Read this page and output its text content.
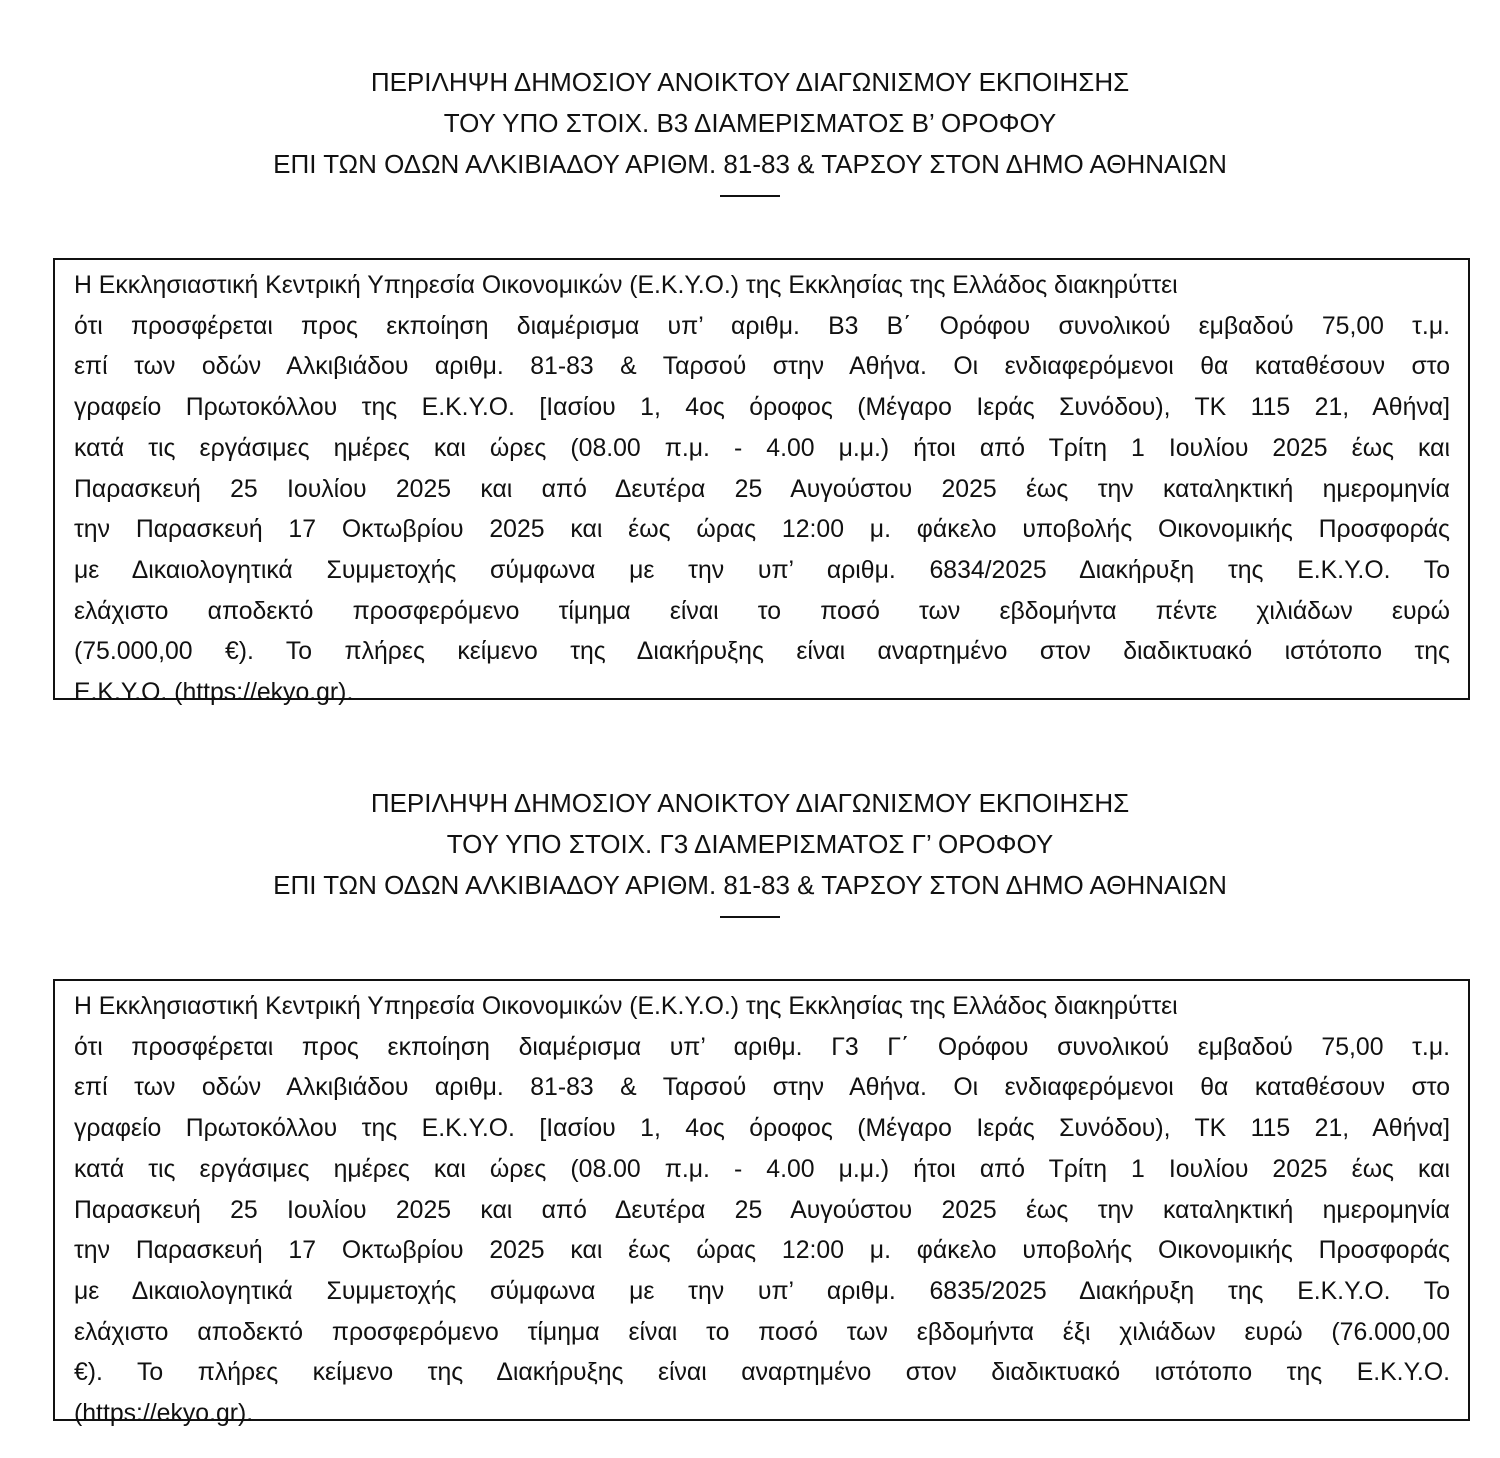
ΠΕΡΙΛΗΨΗ ΔΗΜΟΣΙΟΥ ΑΝΟΙΚΤΟΥ ΔΙΑΓΩΝΙΣΜΟΥ ΕΚΠΟΙΗΣΗΣ
ΤΟΥ ΥΠΟ ΣΤΟΙΧ. Β3 ΔΙΑΜΕΡΙΣΜΑΤΟΣ Β’ ΟΡΟΦΟΥ
ΕΠΙ ΤΩΝ ΟΔΩΝ ΑΛΚΙΒΙΑΔΟΥ ΑΡΙΘΜ. 81-83 & ΤΑΡΣΟΥ ΣΤΟΝ ΔΗΜΟ ΑΘΗΝΑΙΩΝ
Η Εκκλησιαστική Κεντρική Υπηρεσία Οικονομικών (Ε.Κ.Υ.Ο.) της Εκκλησίας της Ελλάδος διακηρύττει
ότι προσφέρεται προς εκποίηση διαμέρισμα υπ’ αριθμ. Β3 Β΄ Ορόφου συνολικού εμβαδού 75,00 τ.μ.
επί των οδών Αλκιβιάδου αριθμ. 81-83 & Ταρσού στην Αθήνα. Οι ενδιαφερόμενοι θα καταθέσουν στο
γραφείο Πρωτοκόλλου της Ε.Κ.Υ.Ο. [Ιασίου 1, 4ος όροφος (Μέγαρο Ιεράς Συνόδου), ΤΚ 115 21, Αθήνα]
κατά τις εργάσιμες ημέρες και ώρες (08.00 π.μ. - 4.00 μ.μ.) ήτοι από Τρίτη 1 Ιουλίου 2025 έως και
Παρασκευή 25 Ιουλίου 2025 και από Δευτέρα 25 Αυγούστου 2025 έως την καταληκτική ημερομηνία
την Παρασκευή 17 Οκτωβρίου 2025 και έως ώρας 12:00 μ. φάκελο υποβολής Οικονομικής Προσφοράς
με Δικαιολογητικά Συμμετοχής σύμφωνα με την υπ’ αριθμ. 6834/2025 Διακήρυξη της Ε.Κ.Υ.Ο. Το
ελάχιστο αποδεκτό προσφερόμενο τίμημα είναι το ποσό των εβδομήντα πέντε χιλιάδων ευρώ
(75.000,00 €). Το πλήρες κείμενο της Διακήρυξης είναι αναρτημένο στον διαδικτυακό ιστότοπο της
Ε.Κ.Υ.Ο. (https://ekyo.gr).
ΠΕΡΙΛΗΨΗ ΔΗΜΟΣΙΟΥ ΑΝΟΙΚΤΟΥ ΔΙΑΓΩΝΙΣΜΟΥ ΕΚΠΟΙΗΣΗΣ
ΤΟΥ ΥΠΟ ΣΤΟΙΧ. Γ3 ΔΙΑΜΕΡΙΣΜΑΤΟΣ Γ’ ΟΡΟΦΟΥ
ΕΠΙ ΤΩΝ ΟΔΩΝ ΑΛΚΙΒΙΑΔΟΥ ΑΡΙΘΜ. 81-83 & ΤΑΡΣΟΥ ΣΤΟΝ ΔΗΜΟ ΑΘΗΝΑΙΩΝ
Η Εκκλησιαστική Κεντρική Υπηρεσία Οικονομικών (Ε.Κ.Υ.Ο.) της Εκκλησίας της Ελλάδος διακηρύττει
ότι προσφέρεται προς εκποίηση διαμέρισμα υπ’ αριθμ. Γ3 Γ΄ Ορόφου συνολικού εμβαδού 75,00 τ.μ.
επί των οδών Αλκιβιάδου αριθμ. 81-83 & Ταρσού στην Αθήνα. Οι ενδιαφερόμενοι θα καταθέσουν στο
γραφείο Πρωτοκόλλου της Ε.Κ.Υ.Ο. [Ιασίου 1, 4ος όροφος (Μέγαρο Ιεράς Συνόδου), ΤΚ 115 21, Αθήνα]
κατά τις εργάσιμες ημέρες και ώρες (08.00 π.μ. - 4.00 μ.μ.) ήτοι από Τρίτη 1 Ιουλίου 2025 έως και
Παρασκευή 25 Ιουλίου 2025 και από Δευτέρα 25 Αυγούστου 2025 έως την καταληκτική ημερομηνία
την Παρασκευή 17 Οκτωβρίου 2025 και έως ώρας 12:00 μ. φάκελο υποβολής Οικονομικής Προσφοράς
με Δικαιολογητικά Συμμετοχής σύμφωνα με την υπ’ αριθμ. 6835/2025 Διακήρυξη της Ε.Κ.Υ.Ο. Το
ελάχιστο αποδεκτό προσφερόμενο τίμημα είναι το ποσό των εβδομήντα έξι χιλιάδων ευρώ (76.000,00
€). Το πλήρες κείμενο της Διακήρυξης είναι αναρτημένο στον διαδικτυακό ιστότοπο της Ε.Κ.Υ.Ο.
(https://ekyo.gr).
